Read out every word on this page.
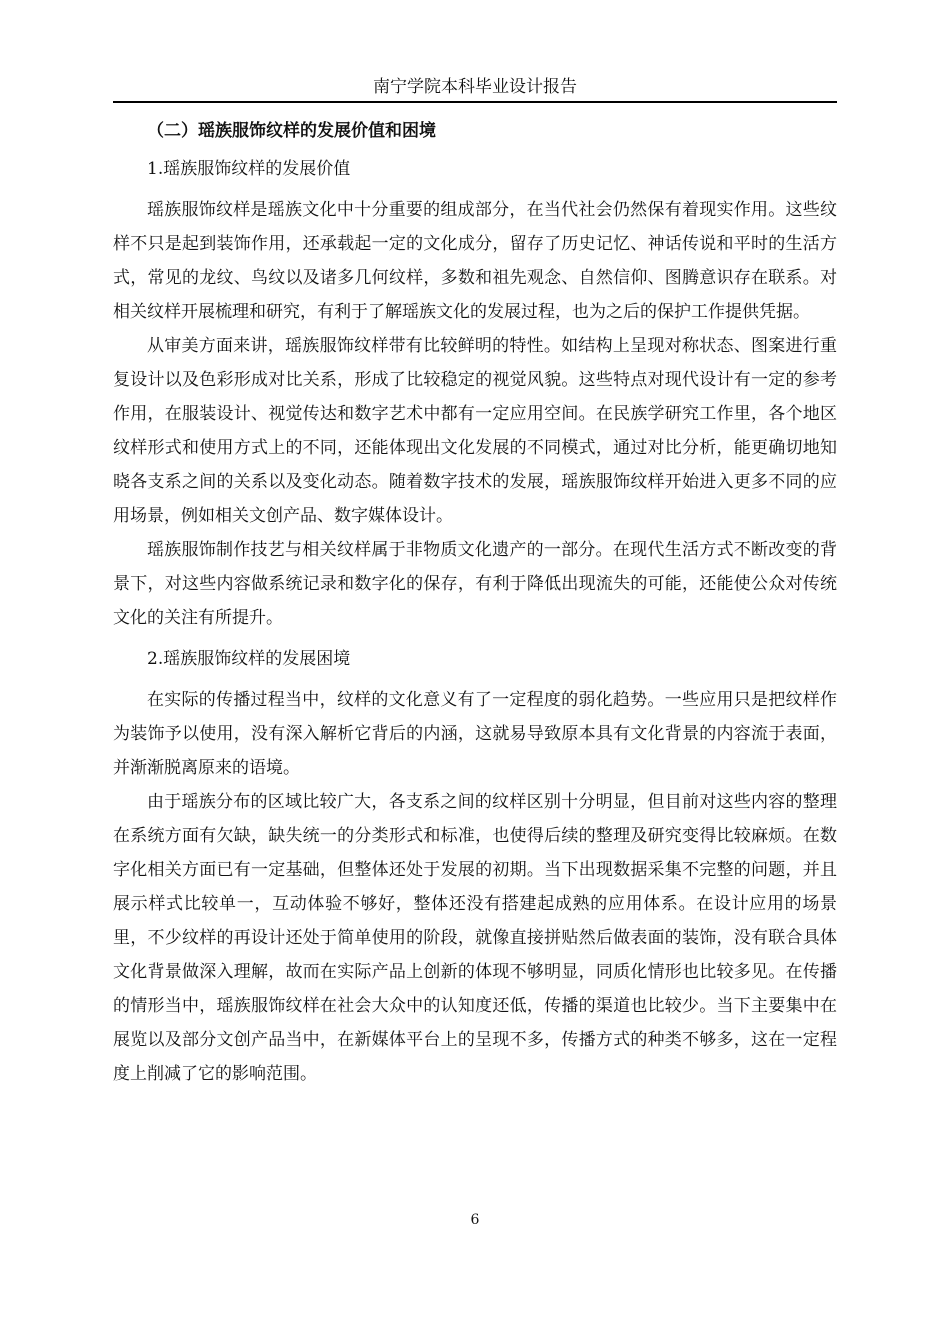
南宁学院本科毕业设计报告
（二）瑶族服饰纹样的发展价值和困境
1.瑶族服饰纹样的发展价值

瑶族服饰纹样是瑶族文化中十分重要的组成部分，在当代社会仍然保有着现实作用。这些纹样不只是起到装饰作用，还承载起一定的文化成分，留存了历史记忆、神话传说和平时的生活方式，常见的龙纹、鸟纹以及诸多几何纹样，多数和祖先观念、自然信仰、图腾意识存在联系。对相关纹样开展梳理和研究，有利于了解瑶族文化的发展过程，也为之后的保护工作提供凭据。

从审美方面来讲，瑶族服饰纹样带有比较鲜明的特性。如结构上呈现对称状态、图案进行重复设计以及色彩形成对比关系，形成了比较稳定的视觉风貌。这些特点对现代设计有一定的参考作用，在服装设计、视觉传达和数字艺术中都有一定应用空间。在民族学研究工作里，各个地区纹样形式和使用方式上的不同，还能体现出文化发展的不同模式，通过对比分析，能更确切地知晓各支系之间的关系以及变化动态。随着数字技术的发展，瑶族服饰纹样开始进入更多不同的应用场景，例如相关文创产品、数字媒体设计。

瑶族服饰制作技艺与相关纹样属于非物质文化遗产的一部分。在现代生活方式不断改变的背景下，对这些内容做系统记录和数字化的保存，有利于降低出现流失的可能，还能使公众对传统文化的关注有所提升。

2.瑶族服饰纹样的发展困境

在实际的传播过程当中，纹样的文化意义有了一定程度的弱化趋势。一些应用只是把纹样作为装饰予以使用，没有深入解析它背后的内涵，这就易导致原本具有文化背景的内容流于表面，并渐渐脱离原来的语境。

由于瑶族分布的区域比较广大，各支系之间的纹样区别十分明显，但目前对这些内容的整理在系统方面有欠缺，缺失统一的分类形式和标准，也使得后续的整理及研究变得比较麻烦。在数字化相关方面已有一定基础，但整体还处于发展的初期。当下出现数据采集不完整的问题，并且展示样式比较单一，互动体验不够好，整体还没有搭建起成熟的应用体系。在设计应用的场景里，不少纹样的再设计还处于简单使用的阶段，就像直接拼贴然后做表面的装饰，没有联合具体文化背景做深入理解，故而在实际产品上创新的体现不够明显，同质化情形也比较多见。在传播的情形当中，瑶族服饰纹样在社会大众中的认知度还低，传播的渠道也比较少。当下主要集中在展览以及部分文创产品当中，在新媒体平台上的呈现不多，传播方式的种类不够多，这在一定程度上削减了它的影响范围。

6
